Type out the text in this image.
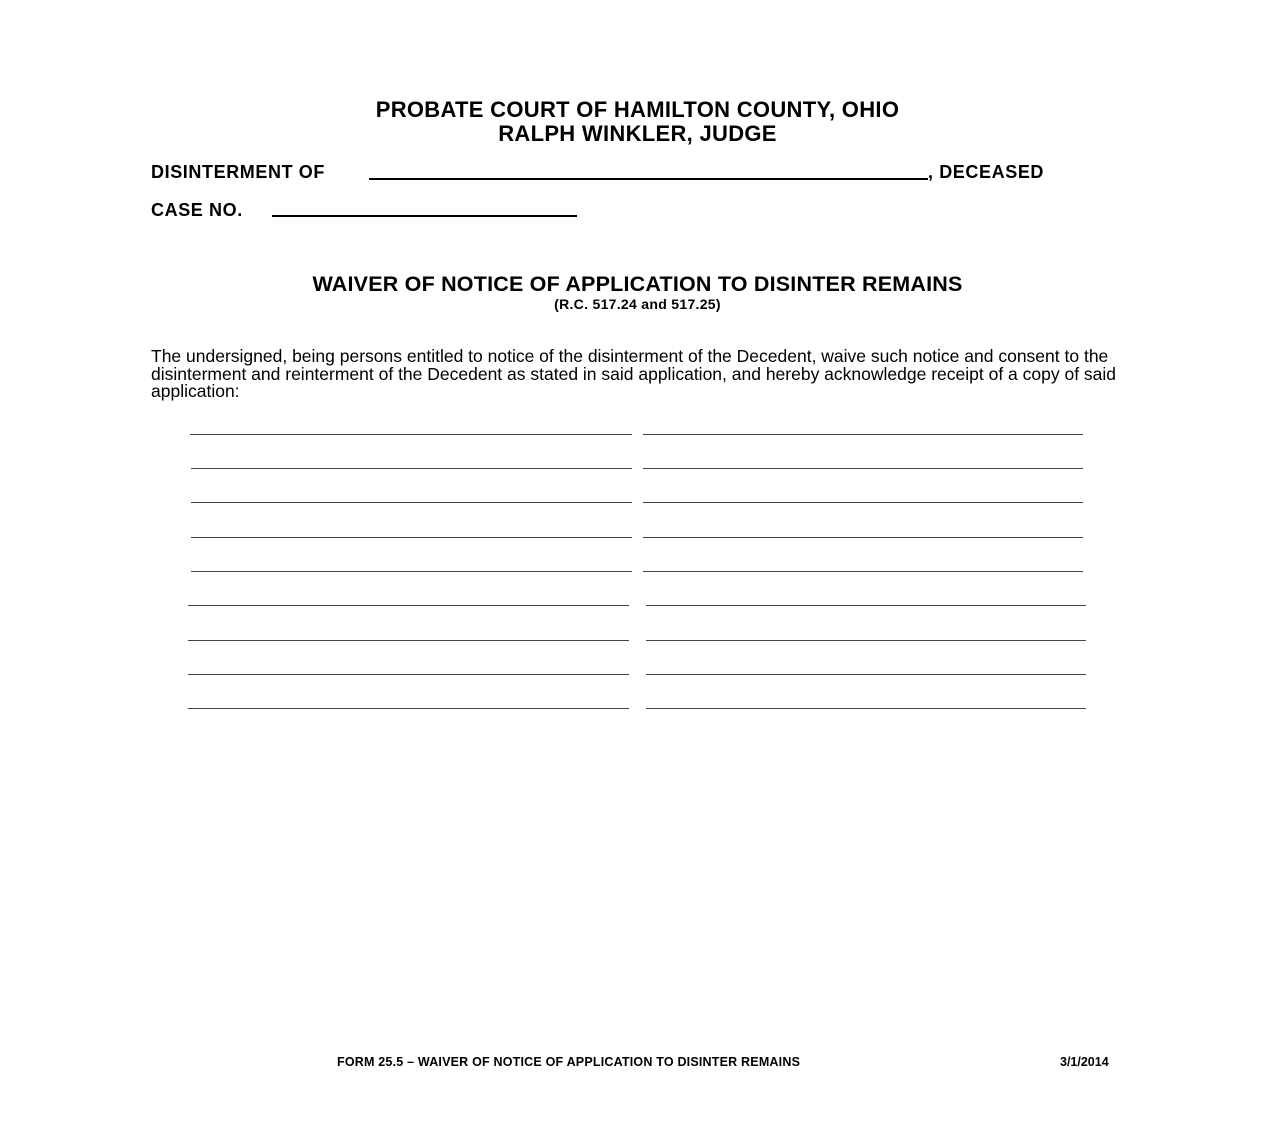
PROBATE COURT OF HAMILTON COUNTY, OHIO
RALPH WINKLER, JUDGE
DISINTERMENT OF	, DECEASED
CASE NO.
WAIVER OF NOTICE OF APPLICATION TO DISINTER REMAINS
(R.C. 517.24 and 517.25)
The undersigned, being persons entitled to notice of the disinterment of the Decedent, waive such notice and consent to the disinterment and reinterment of the Decedent as stated in said application, and hereby acknowledge receipt of a copy of said application:
FORM 25.5 – WAIVER OF NOTICE OF APPLICATION TO DISINTER REMAINS	3/1/2014
